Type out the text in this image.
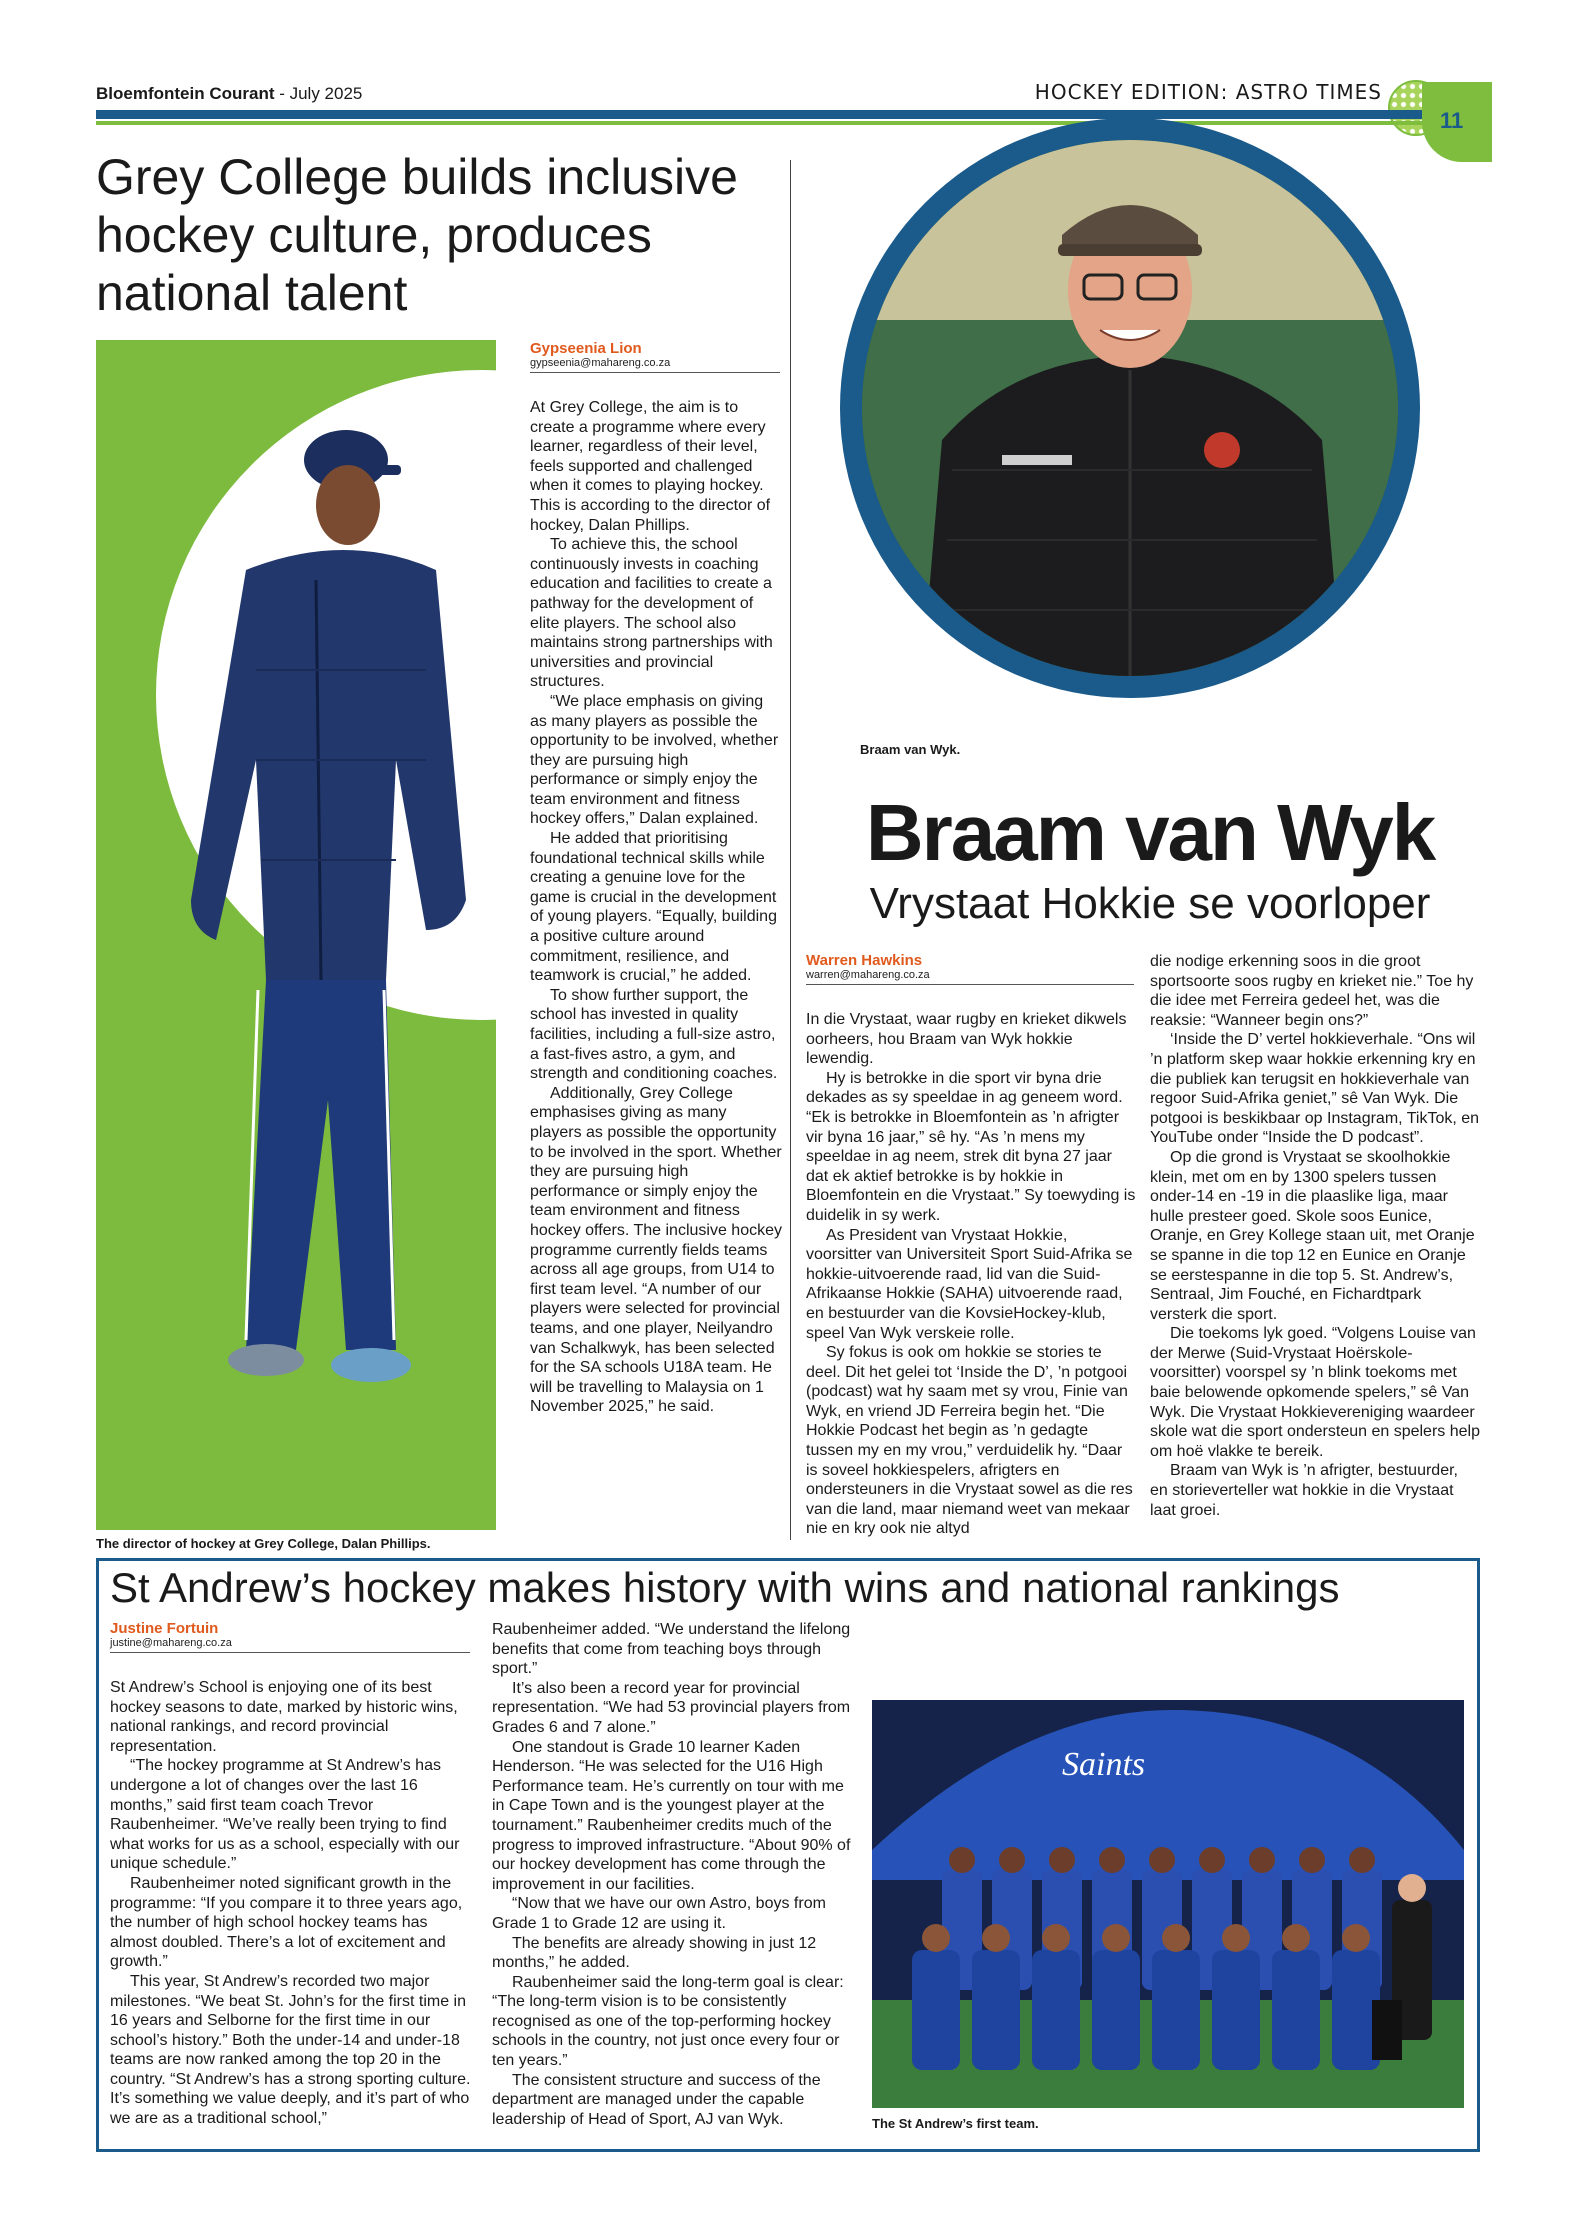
Bloemfontein Courant - July 2025	HOCKEY EDITION: ASTRO TIMES
11
Grey College builds inclusive hockey culture, produces national talent
The director of hockey at Grey College, Dalan Phillips.
Gypseenia Lion
gypseenia@mahareng.co.za

At Grey College, the aim is to create a programme where every learner, regardless of their level, feels supported and challenged when it comes to playing hockey. This is according to the director of hockey, Dalan Phillips.

To achieve this, the school continuously invests in coaching education and facilities to create a pathway for the development of elite players. The school also maintains strong partnerships with universities and provincial structures.

“We place emphasis on giving as many players as possible the opportunity to be involved, whether they are pursuing high performance or simply enjoy the team environment and fitness hockey offers,” Dalan explained.

He added that prioritising foundational technical skills while creating a genuine love for the game is crucial in the development of young players. “Equally, building a positive culture around commitment, resilience, and teamwork is crucial,” he added.

To show further support, the school has invested in quality facilities, including a full-size astro, a fast-fives astro, a gym, and strength and conditioning coaches.

Additionally, Grey College emphasises giving as many players as possible the opportunity to be involved in the sport. Whether they are pursuing high performance or simply enjoy the team environment and fitness hockey offers. The inclusive hockey programme currently fields teams across all age groups, from U14 to first team level. “A number of our players were selected for provincial teams, and one player, Neilyandro van Schalkwyk, has been selected for the SA schools U18A team. He will be travelling to Malaysia on 1 November 2025,” he said.

Braam van Wyk.
Braam van Wyk
Vrystaat Hokkie se voorloper
Warren Hawkins
warren@mahareng.co.za

In die Vrystaat, waar rugby en krieket dikwels oorheers, hou Braam van Wyk hokkie lewendig.

Hy is betrokke in die sport vir byna drie dekades as sy speeldae in ag geneem word. “Ek is betrokke in Bloemfontein as ’n afrigter vir byna 16 jaar,” sê hy. “As ’n mens my speeldae in ag neem, strek dit byna 27 jaar dat ek aktief betrokke is by hokkie in Bloemfontein en die Vrystaat.” Sy toewyding is duidelik in sy werk.

As President van Vrystaat Hokkie, voorsitter van Universiteit Sport Suid-Afrika se hokkie-uitvoerende raad, lid van die Suid-Afrikaanse Hokkie (SAHA) uitvoerende raad, en bestuurder van die KovsieHockey-klub, speel Van Wyk verskeie rolle.

Sy fokus is ook om hokkie se stories te deel. Dit het gelei tot ‘Inside the D’, ’n potgooi (podcast) wat hy saam met sy vrou, Finie van Wyk, en vriend JD Ferreira begin het. “Die Hokkie Podcast het begin as ’n gedagte tussen my en my vrou,” verduidelik hy. “Daar is soveel hokkiespelers, afrigters en ondersteuners in die Vrystaat sowel as die res van die land, maar niemand weet van mekaar nie en kry ook nie altyd

die nodige erkenning soos in die groot sportsoorte soos rugby en krieket nie.” Toe hy die idee met Ferreira gedeel het, was die reaksie: “Wanneer begin ons?”

‘Inside the D’ vertel hokkieverhale. “Ons wil ’n platform skep waar hokkie erkenning kry en die publiek kan terugsit en hokkieverhale van regoor Suid-Afrika geniet,” sê Van Wyk. Die potgooi is beskikbaar op Instagram, TikTok, en YouTube onder “Inside the D podcast”.

Op die grond is Vrystaat se skoolhokkie klein, met om en by 1300 spelers tussen onder-14 en -19 in die plaaslike liga, maar hulle presteer goed. Skole soos Eunice, Oranje, en Grey Kollege staan uit, met Oranje se spanne in die top 12 en Eunice en Oranje se eerstespanne in die top 5. St. Andrew’s, Sentraal, Jim Fouché, en Fichardtpark versterk die sport.

Die toekoms lyk goed. “Volgens Louise van der Merwe (Suid-Vrystaat Hoërskole-voorsitter) voorspel sy ’n blink toekoms met baie belowende opkomende spelers,” sê Van Wyk. Die Vrystaat Hokkievereniging waardeer skole wat die sport ondersteun en spelers help om hoë vlakke te bereik.

Braam van Wyk is ’n afrigter, bestuurder, en storieverteller wat hokkie in die Vrystaat laat groei.

St Andrew’s hockey makes history with wins and national rankings
Justine Fortuin
justine@mahareng.co.za

St Andrew’s School is enjoying one of its best hockey seasons to date, marked by historic wins, national rankings, and record provincial representation.

“The hockey programme at St Andrew’s has undergone a lot of changes over the last 16 months,” said first team coach Trevor Raubenheimer. “We’ve really been trying to find what works for us as a school, especially with our unique schedule.”

Raubenheimer noted significant growth in the programme: “If you compare it to three years ago, the number of high school hockey teams has almost doubled. There’s a lot of excitement and growth.”

This year, St Andrew’s recorded two major milestones. “We beat St. John’s for the first time in 16 years and Selborne for the first time in our school’s history.” Both the under-14 and under-18 teams are now ranked among the top 20 in the country. “St Andrew’s has a strong sporting culture. It’s something we value deeply, and it’s part of who we are as a traditional school,”

Raubenheimer added. “We understand the lifelong benefits that come from teaching boys through sport.”

It’s also been a record year for provincial representation. “We had 53 provincial players from Grades 6 and 7 alone.”

One standout is Grade 10 learner Kaden Henderson. “He was selected for the U16 High Performance team. He’s currently on tour with me in Cape Town and is the youngest player at the tournament.” Raubenheimer credits much of the progress to improved infrastructure. “About 90% of our hockey development has come through the improvement in our facilities.

“Now that we have our own Astro, boys from Grade 1 to Grade 12 are using it.

The benefits are already showing in just 12 months,” he added.

Raubenheimer said the long-term goal is clear: “The long-term vision is to be consistently recognised as one of the top-performing hockey schools in the country, not just once every four or ten years.”

The consistent structure and success of the department are managed under the capable leadership of Head of Sport, AJ van Wyk.

Saints
The St Andrew’s first team.
